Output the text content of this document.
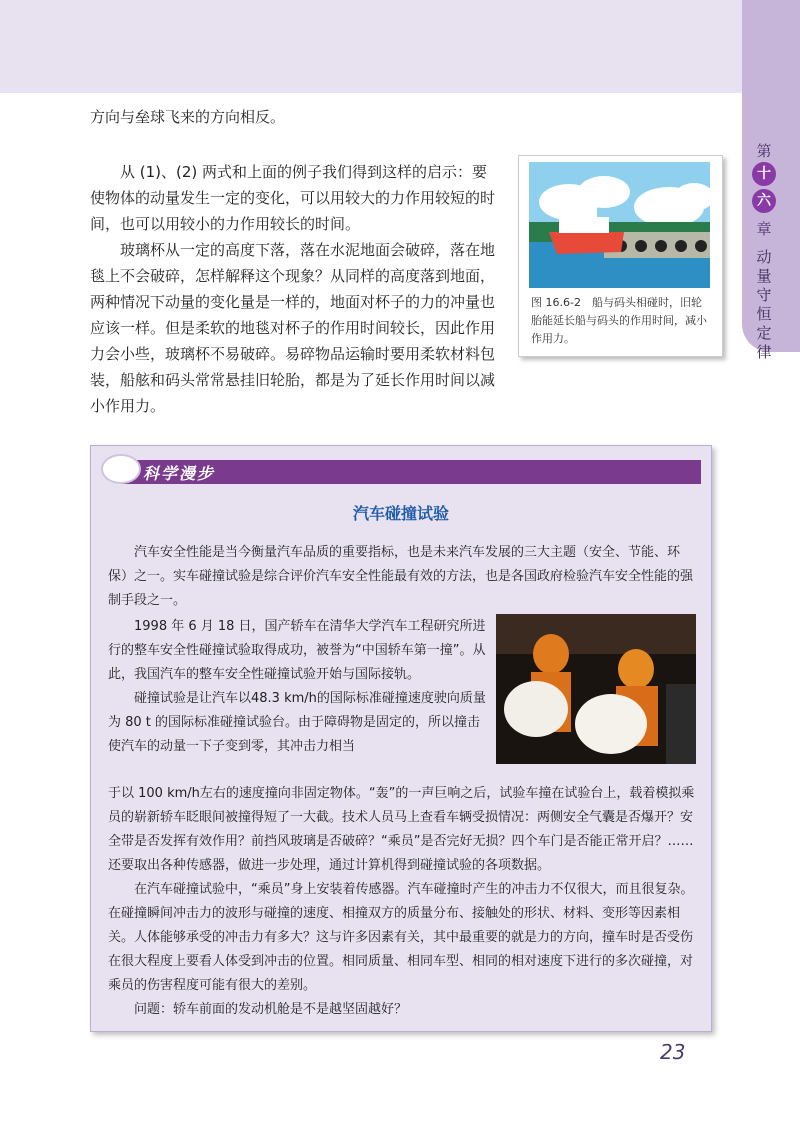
第
十
六
章
动
量
守
恒
定
律

方向与垒球飞来的方向相反。

从 (1)、(2) 两式和上面的例子我们得到这样的启示：要使物体的动量发生一定的变化，可以用较大的力作用较短的时间，也可以用较小的力作用较长的时间。

玻璃杯从一定的高度下落，落在水泥地面会破碎，落在地毯上不会破碎，怎样解释这个现象？从同样的高度落到地面，两种情况下动量的变化量是一样的，地面对杯子的力的冲量也应该一样。但是柔软的地毯对杯子的作用时间较长，因此作用力会小些，玻璃杯不易破碎。易碎物品运输时要用柔软材料包装，船舷和码头常常悬挂旧轮胎，都是为了延长作用时间以减小作用力。

图 16.6-2　船与码头相碰时，旧轮胎能延长船与码头的作用时间，减小作用力。
科学漫步
汽车碰撞试验

汽车安全性能是当今衡量汽车品质的重要指标，也是未来汽车发展的三大主题（安全、节能、环保）之一。实车碰撞试验是综合评价汽车安全性能最有效的方法，也是各国政府检验汽车安全性能的强制手段之一。

1998 年 6 月 18 日，国产轿车在清华大学汽车工程研究所进行的整车安全性碰撞试验取得成功，被誉为“中国轿车第一撞”。从此，我国汽车的整车安全性碰撞试验开始与国际接轨。

碰撞试验是让汽车以48.3 km/h的国际标准碰撞速度驶向质量为 80 t 的国际标准碰撞试验台。由于障碍物是固定的，所以撞击使汽车的动量一下子变到零，其冲击力相当

于以 100 km/h左右的速度撞向非固定物体。“轰”的一声巨响之后，试验车撞在试验台上，载着模拟乘员的崭新轿车眨眼间被撞得短了一大截。技术人员马上查看车辆受损情况：两侧安全气囊是否爆开？安全带是否发挥有效作用？前挡风玻璃是否破碎？“乘员”是否完好无损？四个车门是否能正常开启？…… 还要取出各种传感器，做进一步处理，通过计算机得到碰撞试验的各项数据。

在汽车碰撞试验中，“乘员”身上安装着传感器。汽车碰撞时产生的冲击力不仅很大，而且很复杂。在碰撞瞬间冲击力的波形与碰撞的速度、相撞双方的质量分布、接触处的形状、材料、变形等因素相关。人体能够承受的冲击力有多大？这与许多因素有关，其中最重要的就是力的方向，撞车时是否受伤在很大程度上要看人体受到冲击的位置。相同质量、相同车型、相同的相对速度下进行的多次碰撞，对乘员的伤害程度可能有很大的差别。

问题：轿车前面的发动机舱是不是越坚固越好？

23
